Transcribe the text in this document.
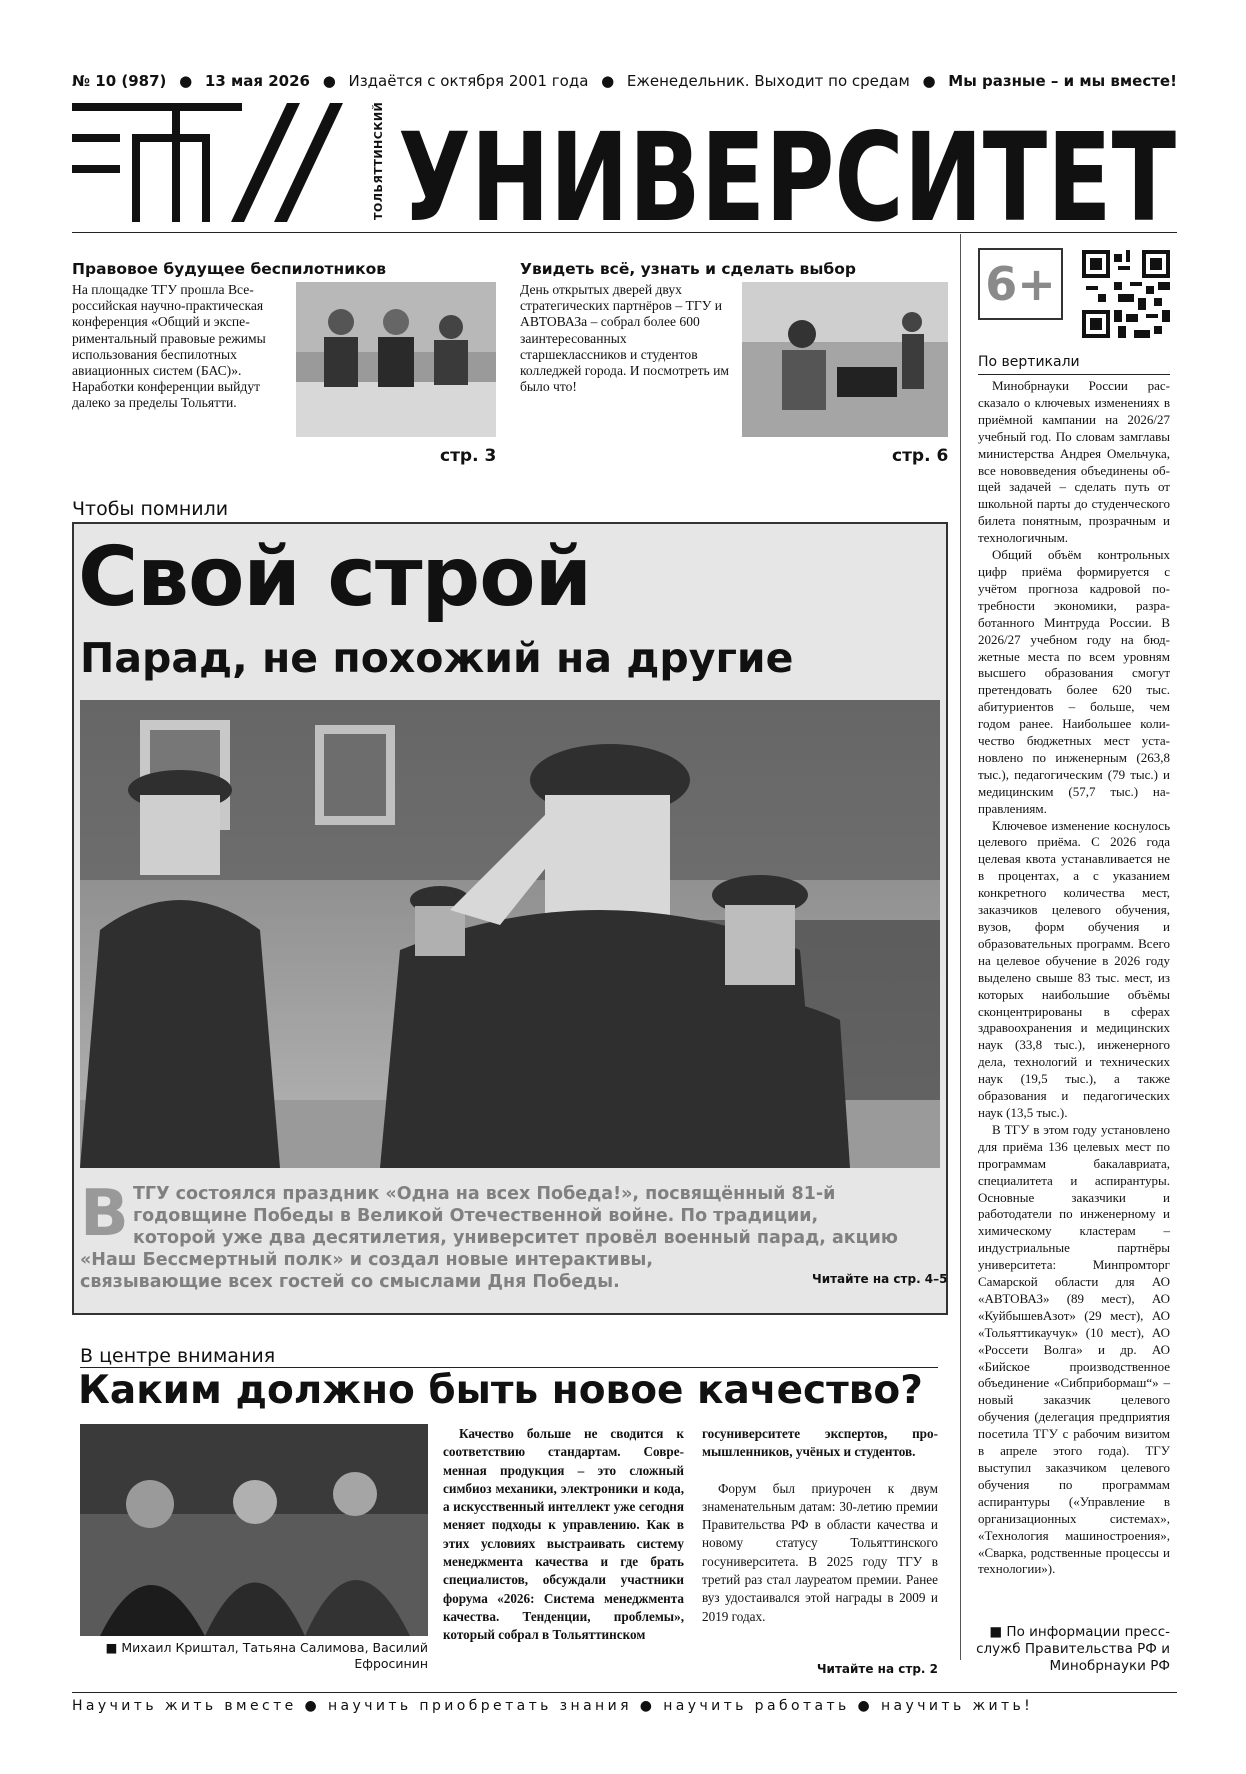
№ 10 (987) ● 13 мая 2026 ● Издаётся с октября 2001 года ● Еженедельник. Выходит по средам ● Мы разные – и мы вместе!
ТОЛЬЯТТИНСКИЙ УНИВЕРСИТЕТ
Правовое будущее беспилотников
На площадке ТГУ прошла Всероссийская научно-практическая конференция «Общий и экспериментальный правовые режимы использования беспилотных авиационных систем (БАС)». Наработки конференции выйдут далеко за пределы Тольятти.
стр. 3
Увидеть всё, узнать и сделать выбор
День открытых дверей двух стратегических партнёров – ТГУ и АВТОВАЗа – собрал более 600 заинтересованных старшеклассников и студентов колледжей города. И посмотреть им было что!
стр. 6
6+
По вертикали

Минобрнауки России рассказало о ключевых изменениях в приёмной кампании на 2026/27 учебный год. По словам замглавы министерства Андрея Омельчука, все нововведения объединены общей задачей – сделать путь от школьной парты до студенческого билета понятным, прозрачным и технологичным.

Общий объём контрольных цифр приёма формируется с учётом прогноза кадровой потребности экономики, разработанного Минтруда России. В 2026/27 учебном году на бюджетные места по всем уровням высшего образования смогут претендовать более 620 тыс. абитуриентов – больше, чем годом ранее. Наибольшее количество бюджетных мест установлено по инженерным (263,8 тыс.), педагогическим (79 тыс.) и медицинским (57,7 тыс.) направлениям.

Ключевое изменение коснулось целевого приёма. С 2026 года целевая квота устанавливается не в процентах, а с указанием конкретного количества мест, заказчиков целевого обучения, вузов, форм обучения и образовательных программ. Всего на целевое обучение в 2026 году выделено свыше 83 тыс. мест, из которых наибольшие объёмы сконцентрированы в сферах здравоохранения и медицинских наук (33,8 тыс.), инженерного дела, технологий и технических наук (19,5 тыс.), а также образования и педагогических наук (13,5 тыс.).

В ТГУ в этом году установлено для приёма 136 целевых мест по программам бакалавриата, специалитета и аспирантуры. Основные заказчики и работодатели по инженерному и химическому кластерам – индустриальные партнёры университета: Минпромторг Самарской области для АО «АВТОВАЗ» (89 мест), АО «КуйбышевАзот» (29 мест), АО «Тольяттикаучук» (10 мест), АО «Россети Волга» и др. АО «Бийское производственное объединение «Сибприбормаш“» – новый заказчик целевого обучения (делегация предприятия посетила ТГУ с рабочим визитом в апреле этого года). ТГУ выступил заказчиком целевого обучения по программам аспирантуры («Управление в организационных системах», «Технология машиностроения», «Сварка, родственные процессы и технологии»).

■ По информации пресс-служб Правительства РФ и Минобрнауки РФ
Чтобы помнили
Свой строй
Парад, не похожий на другие
В ТГУ состоялся праздник «Одна на всех Победа!», посвящённый 81-й
годовщине Победы в Великой Отечественной войне. По традиции,
которой уже два десятилетия, университет провёл военный парад, акцию
«Наш Бессмертный полк» и создал новые интерактивы,
связывающие всех гостей со смыслами Дня Победы.	Читайте на стр. 4–5
В центре внимания
Каким должно быть новое качество?
■ Михаил Криштал, Татьяна Салимова, Василий Ефросинин

Качество больше не сводится к соответствию стандартам. Современная продукция – это сложный симбиоз механики, электроники и кода, а искусственный интеллект уже сегодня меняет подходы к управлению. Как в этих условиях выстраивать систему менеджмента качества и где брать специалистов, обсуждали участники форума «2026: Система менеджмента качества. Тенденции, проблемы», который собрал в Тольяттинском

госуниверситете экспертов, промышленников, учёных и студентов.

Форум был приурочен к двум знаменательным датам: 30-летию премии Правительства РФ в области качества и новому статусу Тольяттинского госуниверситета. В 2025 году ТГУ в третий раз стал лауреатом премии. Ранее вуз удостаивался этой награды в 2009 и 2019 годах.

Читайте на стр. 2
Научить жить вместе ● научить приобретать знания ● научить работать ● научить жить!
